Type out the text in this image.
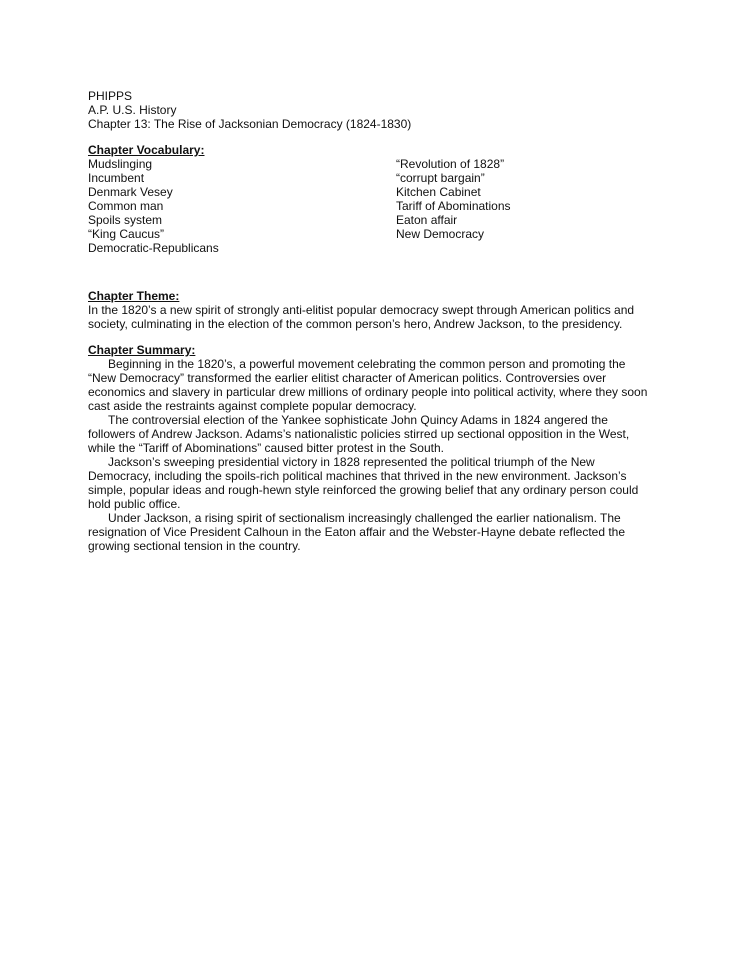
PHIPPS
A.P. U.S. History
Chapter 13: The Rise of Jacksonian Democracy (1824-1830)
Chapter Vocabulary:
Mudslinging
Incumbent
Denmark Vesey
Common man
Spoils system
“King Caucus”
Democratic-Republicans
“Revolution of 1828”
“corrupt bargain”
Kitchen Cabinet
Tariff of Abominations
Eaton affair
New Democracy
Chapter Theme:
In the 1820’s a new spirit of strongly anti-elitist popular democracy swept through American politics and
society, culminating in the election of the common person’s hero, Andrew Jackson, to the presidency.
Chapter Summary:
Beginning in the 1820’s, a powerful movement celebrating the common person and promoting the
“New Democracy” transformed the earlier elitist character of American politics. Controversies over
economics and slavery in particular drew millions of ordinary people into political activity, where they soon
cast aside the restraints against complete popular democracy.
The controversial election of the Yankee sophisticate John Quincy Adams in 1824 angered the
followers of Andrew Jackson. Adams’s nationalistic policies stirred up sectional opposition in the West,
while the “Tariff of Abominations” caused bitter protest in the South.
Jackson’s sweeping presidential victory in 1828 represented the political triumph of the New
Democracy, including the spoils-rich political machines that thrived in the new environment. Jackson’s
simple, popular ideas and rough-hewn style reinforced the growing belief that any ordinary person could
hold public office.
Under Jackson, a rising spirit of sectionalism increasingly challenged the earlier nationalism. The
resignation of Vice President Calhoun in the Eaton affair and the Webster-Hayne debate reflected the
growing sectional tension in the country.
